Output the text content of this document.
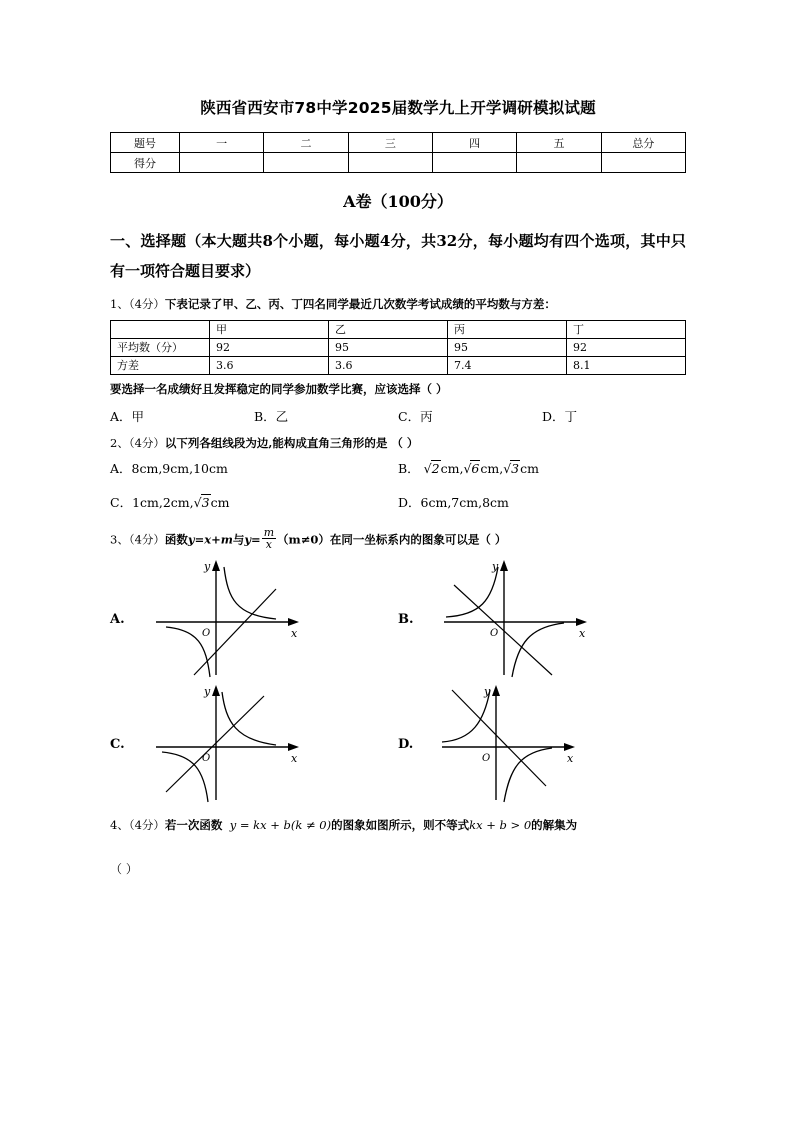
陕西省西安市78中学2025届数学九上开学调研模拟试题
题号	一	二	三	四	五	总分
得分						
A卷（100分）
一、选择题（本大题共8个小题，每小题4分，共32分，每小题均有四个选项，其中只有一项符合题目要求）
1、（4分）下表记录了甲、乙、丙、丁四名同学最近几次数学考试成绩的平均数与方差：
	甲	乙	丙	丁
平均数（分）	92	95	95	92
方差	3.6	3.6	7.4	8.1
要选择一名成绩好且发挥稳定的同学参加数学比赛，应该选择（ ）
A．甲	B．乙	C．丙	D．丁
2、（4分）以下列各组线段为边,能构成直角三角形的是 （ ）
A．8cm,9cm,10cm	B． √2cm,√6cm,√3cm
C．1cm,2cm,√3cm	D．6cm,7cm,8cm
3、（4分）函数y=x+m与$y= \frac{m}{x} (m\ne 0)$在同一坐标系内的图象可以是（ ）
A.
y
x
O
B.
y
x
O
C.
y
x
O
D.
y
x
O
4、（4分）若一次函数 y = kx + b(k ≠ 0)的图象如图所示，则不等式kx + b > 0的解集为
（ ）
